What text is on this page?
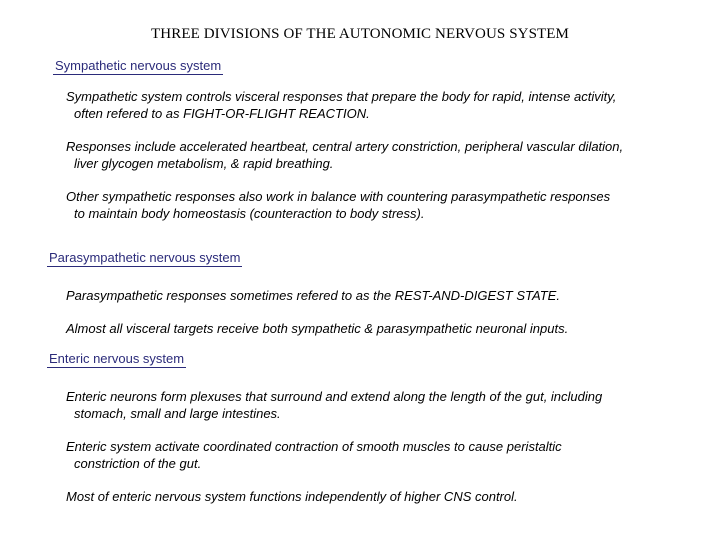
THREE DIVISIONS OF THE AUTONOMIC NERVOUS SYSTEM
Sympathetic nervous system
Sympathetic system controls visceral responses that prepare the body for rapid, intense activity,
often refered to as FIGHT-OR-FLIGHT REACTION.
Responses include accelerated heartbeat, central artery constriction, peripheral vascular dilation,
liver glycogen metabolism, & rapid breathing.
Other sympathetic responses also work in balance with countering parasympathetic responses
to maintain body homeostasis (counteraction to body stress).
Parasympathetic nervous system
Parasympathetic responses sometimes refered to as the REST-AND-DIGEST STATE.
Almost all visceral targets receive both sympathetic & parasympathetic neuronal inputs.
Enteric nervous system
Enteric neurons form plexuses that surround and extend along the length of the gut, including
stomach, small and large intestines.
Enteric system activate coordinated contraction of smooth muscles to cause peristaltic
constriction of the gut.
Most of enteric nervous system functions independently of higher CNS control.
